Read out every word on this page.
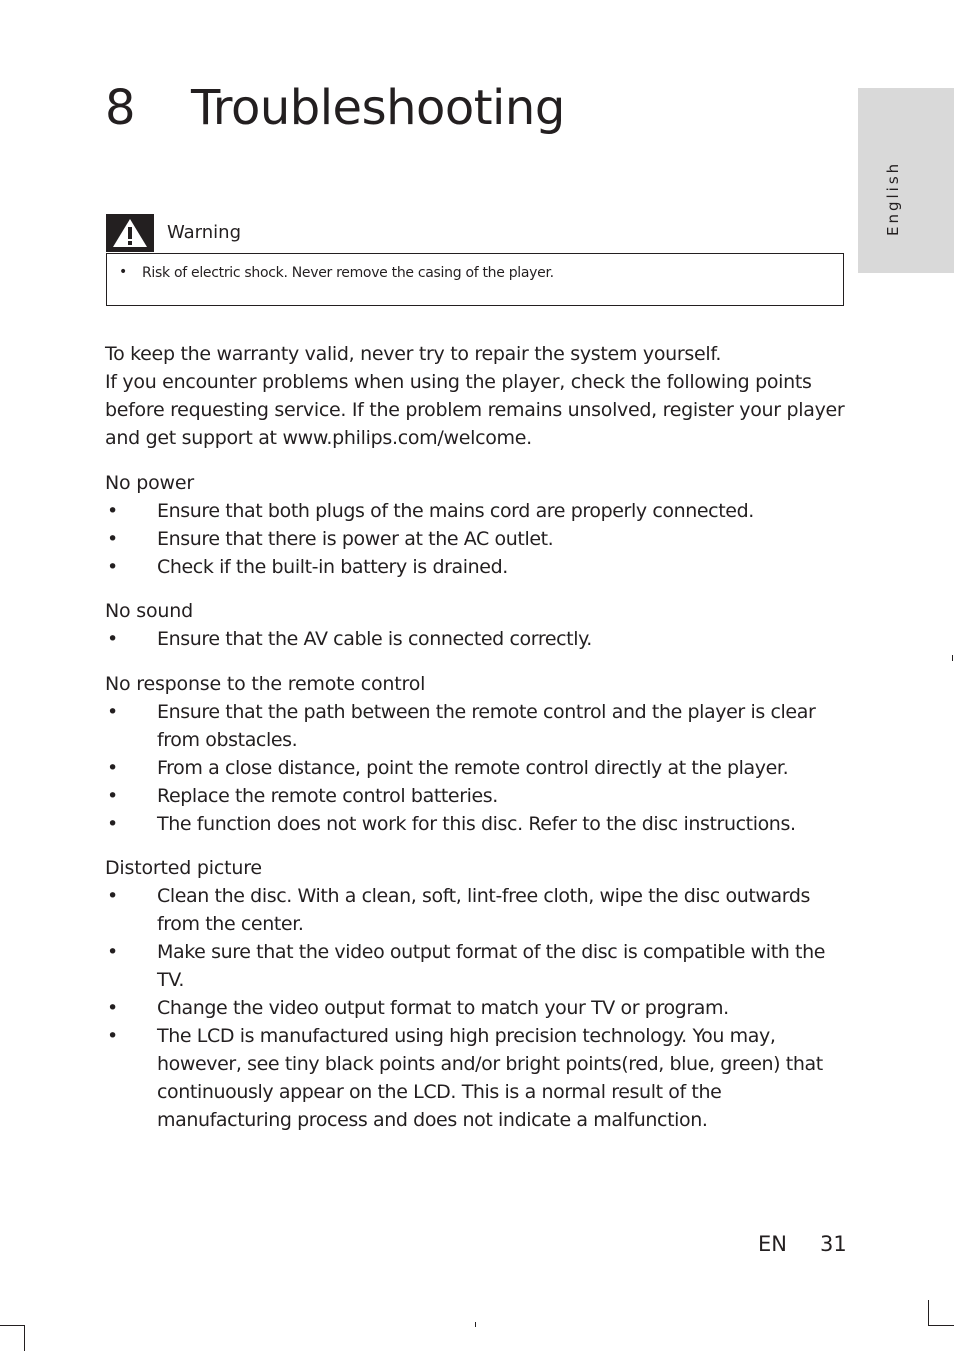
8 Troubleshooting
English
Warning
• Risk of electric shock. Never remove the casing of the player.

To keep the warranty valid, never try to repair the system yourself.

If you encounter problems when using the player, check the following points before requesting service. If the problem remains unsolved, register your player and get support at www.philips.com/welcome.

No power
• Ensure that both plugs of the mains cord are properly connected.
• Ensure that there is power at the AC outlet.
• Check if the built-in battery is drained.
No sound
• Ensure that the AV cable is connected correctly.
No response to the remote control
• Ensure that the path between the remote control and the player is clear from obstacles.
• From a close distance, point the remote control directly at the player.
• Replace the remote control batteries.
• The function does not work for this disc. Refer to the disc instructions.
Distorted picture
• Clean the disc. With a clean, soft, lint-free cloth, wipe the disc outwards from the center.
• Make sure that the video output format of the disc is compatible with the TV.
• Change the video output format to match your TV or program.
• The LCD is manufactured using high precision technology. You may, however, see tiny black points and/or bright points(red, blue, green) that continuously appear on the LCD. This is a normal result of the manufacturing process and does not indicate a malfunction.
EN 31
